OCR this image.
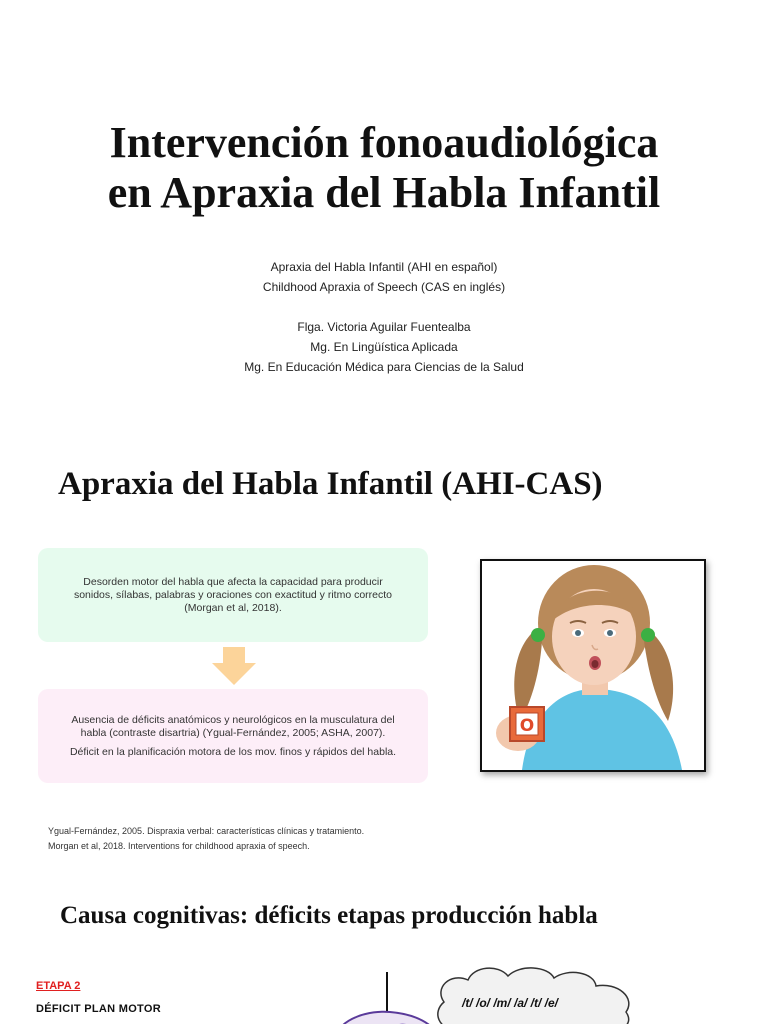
Intervención fonoaudiológica
en Apraxia del Habla Infantil
Apraxia del Habla Infantil (AHI en español)
Childhood Apraxia of Speech (CAS en inglés)
Flga. Victoria Aguilar Fuentealba
Mg. En Lingüística Aplicada
Mg. En Educación Médica para Ciencias de la Salud
Apraxia del Habla Infantil (AHI-CAS)
Desorden motor del habla que afecta la capacidad para producir
sonidos, sílabas, palabras y oraciones con exactitud y ritmo correcto
(Morgan et al, 2018).
Ausencia de déficits anatómicos y neurológicos en la musculatura del
habla (contraste disartria) (Ygual-Fernández, 2005; ASHA, 2007).
Déficit en la planificación motora de los mov. finos y rápidos del habla.
O
Ygual-Fernández, 2005. Dispraxia verbal: características clínicas y tratamiento.
Morgan et al, 2018. Interventions for childhood apraxia of speech.
Causa cognitivas: déficits etapas producción habla
ETAPA 2
DÉFICIT PLAN MOTOR	/t/ /o/ /m/ /a/ /t/ /e/
